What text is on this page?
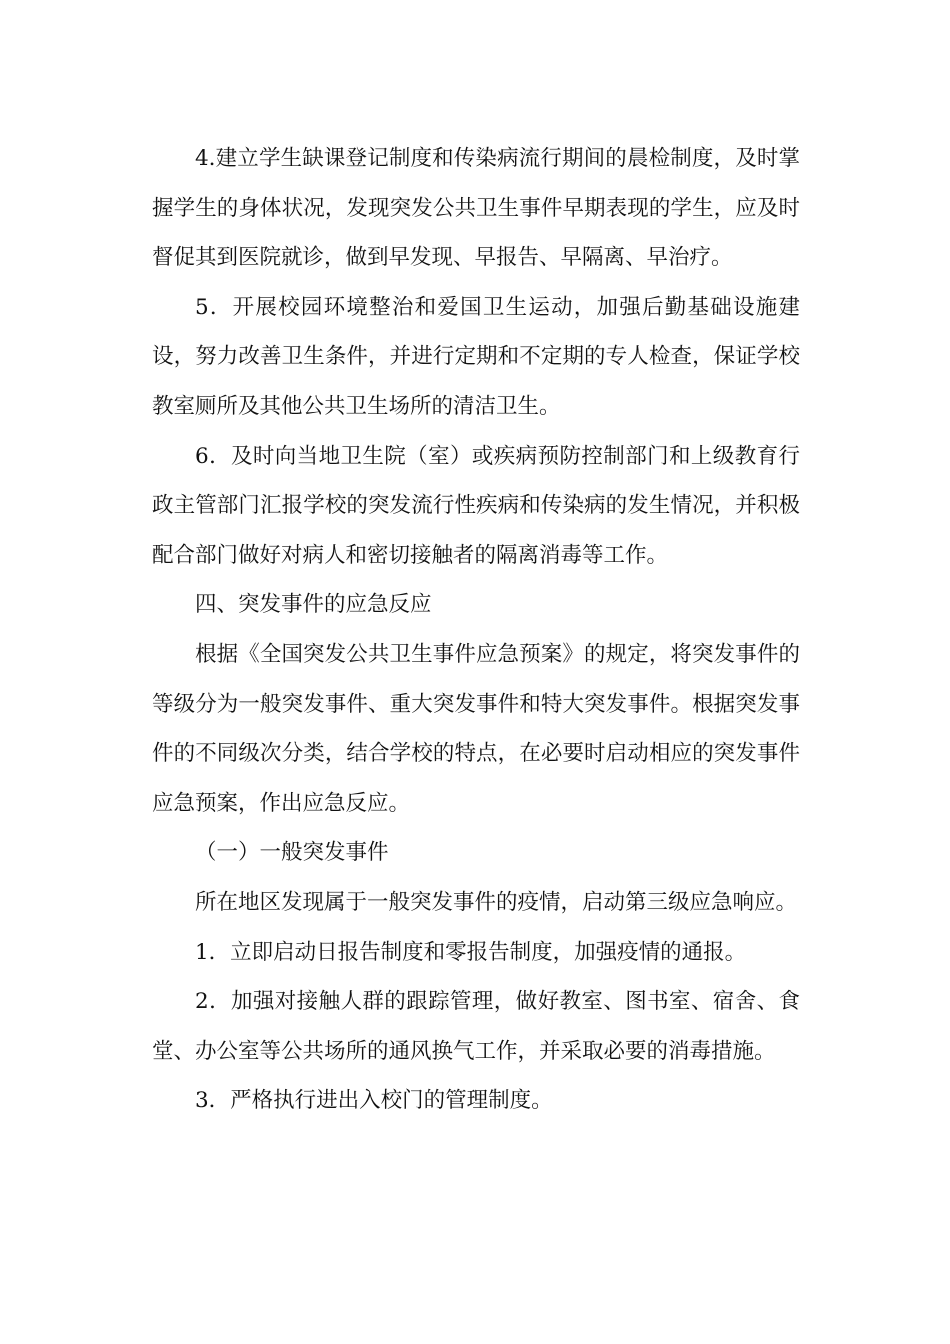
4.建立学生缺课登记制度和传染病流行期间的晨检制度，及时掌握学生的身体状况，发现突发公共卫生事件早期表现的学生，应及时督促其到医院就诊，做到早发现、早报告、早隔离、早治疗。

5．开展校园环境整治和爱国卫生运动，加强后勤基础设施建设，努力改善卫生条件，并进行定期和不定期的专人检查，保证学校教室厕所及其他公共卫生场所的清洁卫生。

6．及时向当地卫生院（室）或疾病预防控制部门和上级教育行政主管部门汇报学校的突发流行性疾病和传染病的发生情况，并积极配合部门做好对病人和密切接触者的隔离消毒等工作。

四、突发事件的应急反应

根据《全国突发公共卫生事件应急预案》的规定，将突发事件的等级分为一般突发事件、重大突发事件和特大突发事件。根据突发事件的不同级次分类，结合学校的特点，在必要时启动相应的突发事件应急预案，作出应急反应。

（一）一般突发事件

所在地区发现属于一般突发事件的疫情，启动第三级应急响应。

1．立即启动日报告制度和零报告制度，加强疫情的通报。

2．加强对接触人群的跟踪管理，做好教室、图书室、宿舍、食堂、办公室等公共场所的通风换气工作，并采取必要的消毒措施。

3．严格执行进出入校门的管理制度。
